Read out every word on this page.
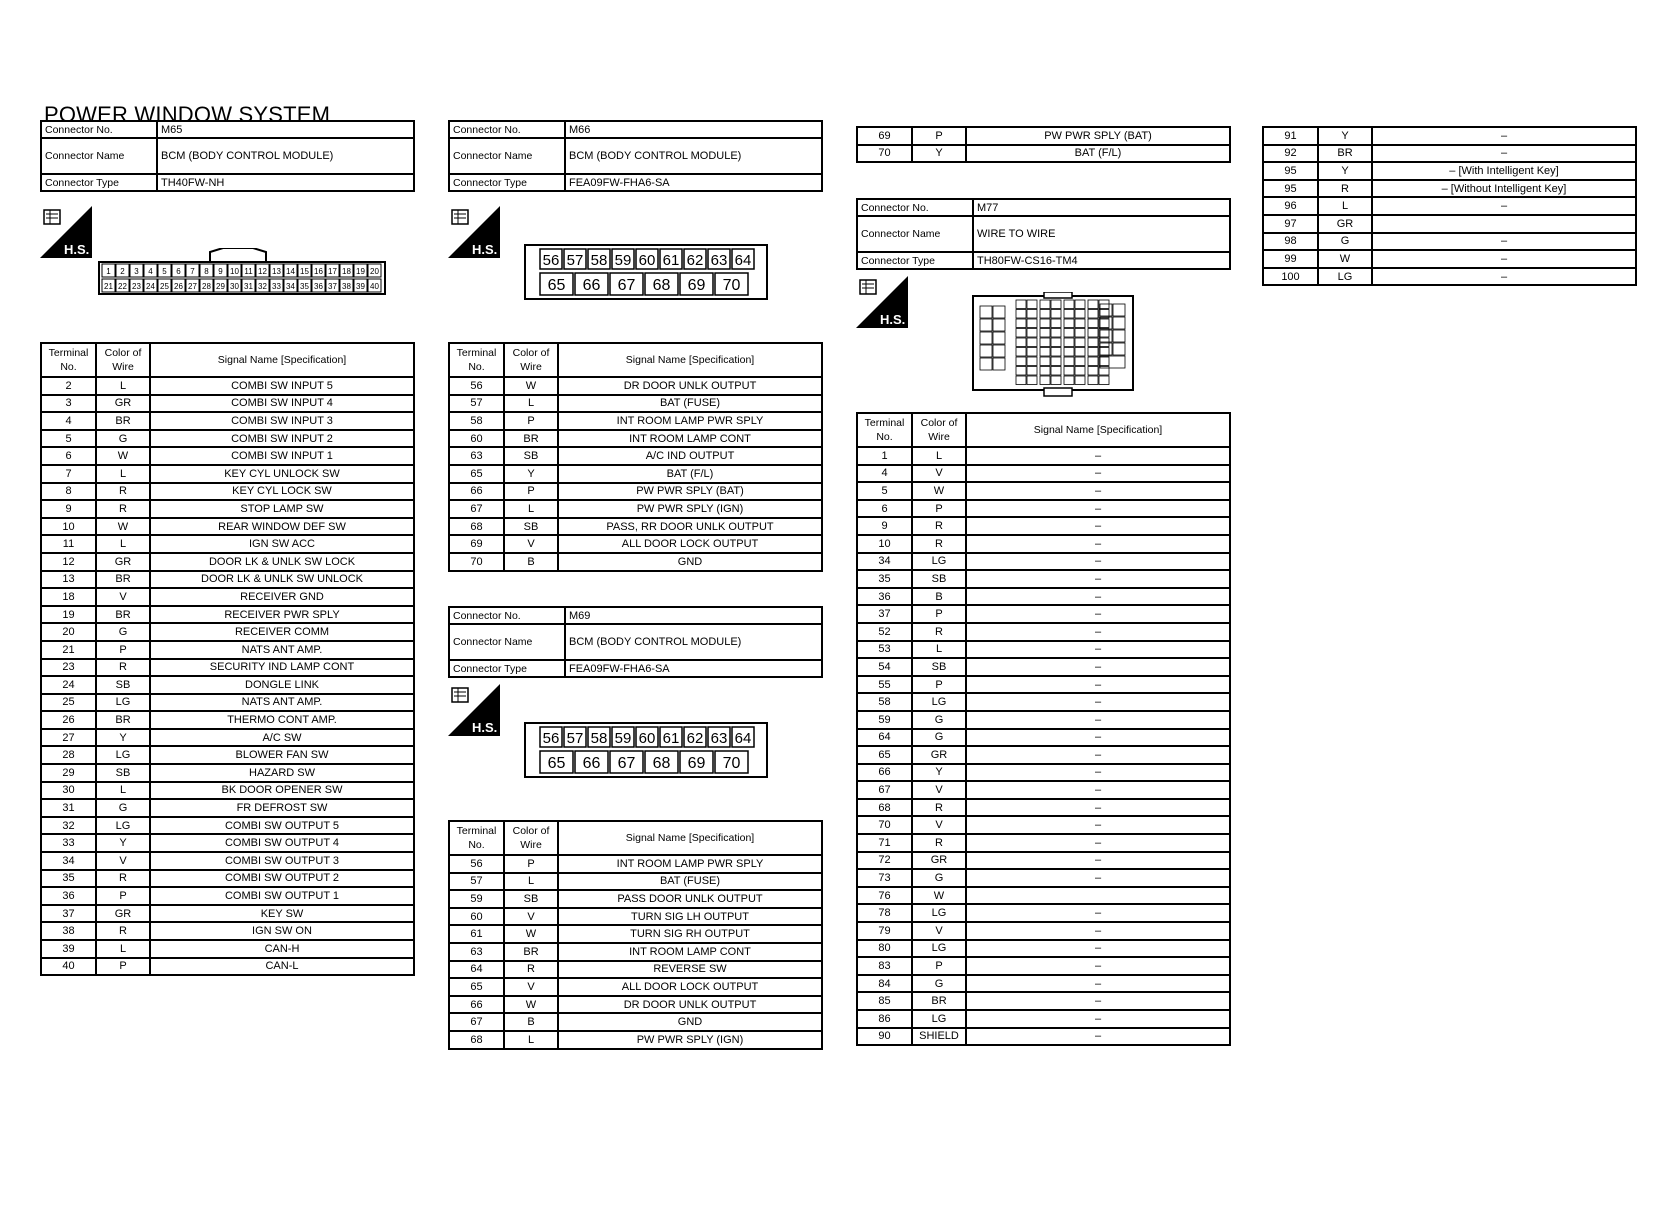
POWER WINDOW SYSTEM
Connector No.	M65
Connector Name	BCM (BODY CONTROL MODULE)
Connector Type	TH40FW-NH
H.S.
1 2 3 4 5 6 7 8 9 10 11 12 13 14 15 16 17 18 19 20
21 22 23 24 25 26 27 28 29 30 31 32 33 34 35 36 37 38 39 40
Terminal No.	Color of Wire	Signal Name [Specification]
2	L	COMBI SW INPUT 5
3	GR	COMBI SW INPUT 4
4	BR	COMBI SW INPUT 3
5	G	COMBI SW INPUT 2
6	W	COMBI SW INPUT 1
7	L	KEY CYL UNLOCK SW
8	R	KEY CYL LOCK SW
9	R	STOP LAMP SW
10	W	REAR WINDOW DEF SW
11	L	IGN SW ACC
12	GR	DOOR LK & UNLK SW LOCK
13	BR	DOOR LK & UNLK SW UNLOCK
18	V	RECEIVER GND
19	BR	RECEIVER PWR SPLY
20	G	RECEIVER COMM
21	P	NATS ANT AMP.
23	R	SECURITY IND LAMP CONT
24	SB	DONGLE LINK
25	LG	NATS ANT AMP.
26	BR	THERMO CONT AMP.
27	Y	A/C SW
28	LG	BLOWER FAN SW
29	SB	HAZARD SW
30	L	BK DOOR OPENER SW
31	G	FR DEFROST SW
32	LG	COMBI SW OUTPUT 5
33	Y	COMBI SW OUTPUT 4
34	V	COMBI SW OUTPUT 3
35	R	COMBI SW OUTPUT 2
36	P	COMBI SW OUTPUT 1
37	GR	KEY SW
38	R	IGN SW ON
39	L	CAN-H
40	P	CAN-L
Connector No.	M66
Connector Name	BCM (BODY CONTROL MODULE)
Connector Type	FEA09FW-FHA6-SA
H.S.
56 57 58 59 60 61 62 63 64
65 66 67 68 69 70
Terminal No.	Color of Wire	Signal Name [Specification]
56	W	DR DOOR UNLK OUTPUT
57	L	BAT (FUSE)
58	P	INT ROOM LAMP PWR SPLY
60	BR	INT ROOM LAMP CONT
63	SB	A/C IND OUTPUT
65	Y	BAT (F/L)
66	P	PW PWR SPLY (BAT)
67	L	PW PWR SPLY (IGN)
68	SB	PASS, RR DOOR UNLK OUTPUT
69	V	ALL DOOR LOCK OUTPUT
70	B	GND
Connector No.	M69
Connector Name	BCM (BODY CONTROL MODULE)
Connector Type	FEA09FW-FHA6-SA
H.S.
56 57 58 59 60 61 62 63 64
65 66 67 68 69 70
Terminal No.	Color of Wire	Signal Name [Specification]
56	P	INT ROOM LAMP PWR SPLY
57	L	BAT (FUSE)
59	SB	PASS DOOR UNLK OUTPUT
60	V	TURN SIG LH OUTPUT
61	W	TURN SIG RH OUTPUT
63	BR	INT ROOM LAMP CONT
64	R	REVERSE SW
65	V	ALL DOOR LOCK OUTPUT
66	W	DR DOOR UNLK OUTPUT
67	B	GND
68	L	PW PWR SPLY (IGN)
69	P	PW PWR SPLY (BAT)
70	Y	BAT (F/L)
Connector No.	M77
Connector Name	WIRE TO WIRE
Connector Type	TH80FW-CS16-TM4
H.S.
Terminal No.	Color of Wire	Signal Name [Specification]
1	L	–
4	V	–
5	W	–
6	P	–
9	R	–
10	R	–
34	LG	–
35	SB	–
36	B	–
37	P	–
52	R	–
53	L	–
54	SB	–
55	P	–
58	LG	–
59	G	–
64	G	–
65	GR	–
66	Y	–
67	V	–
68	R	–
70	V	–
71	R	–
72	GR	–
73	G	–
76	W	
78	LG	–
79	V	–
80	LG	–
83	P	–
84	G	–
85	BR	–
86	LG	–
90	SHIELD	–
91	Y	–
92	BR	–
95	Y	– [With Intelligent Key]
95	R	– [Without Intelligent Key]
96	L	–
97	GR	
98	G	–
99	W	–
100	LG	–
